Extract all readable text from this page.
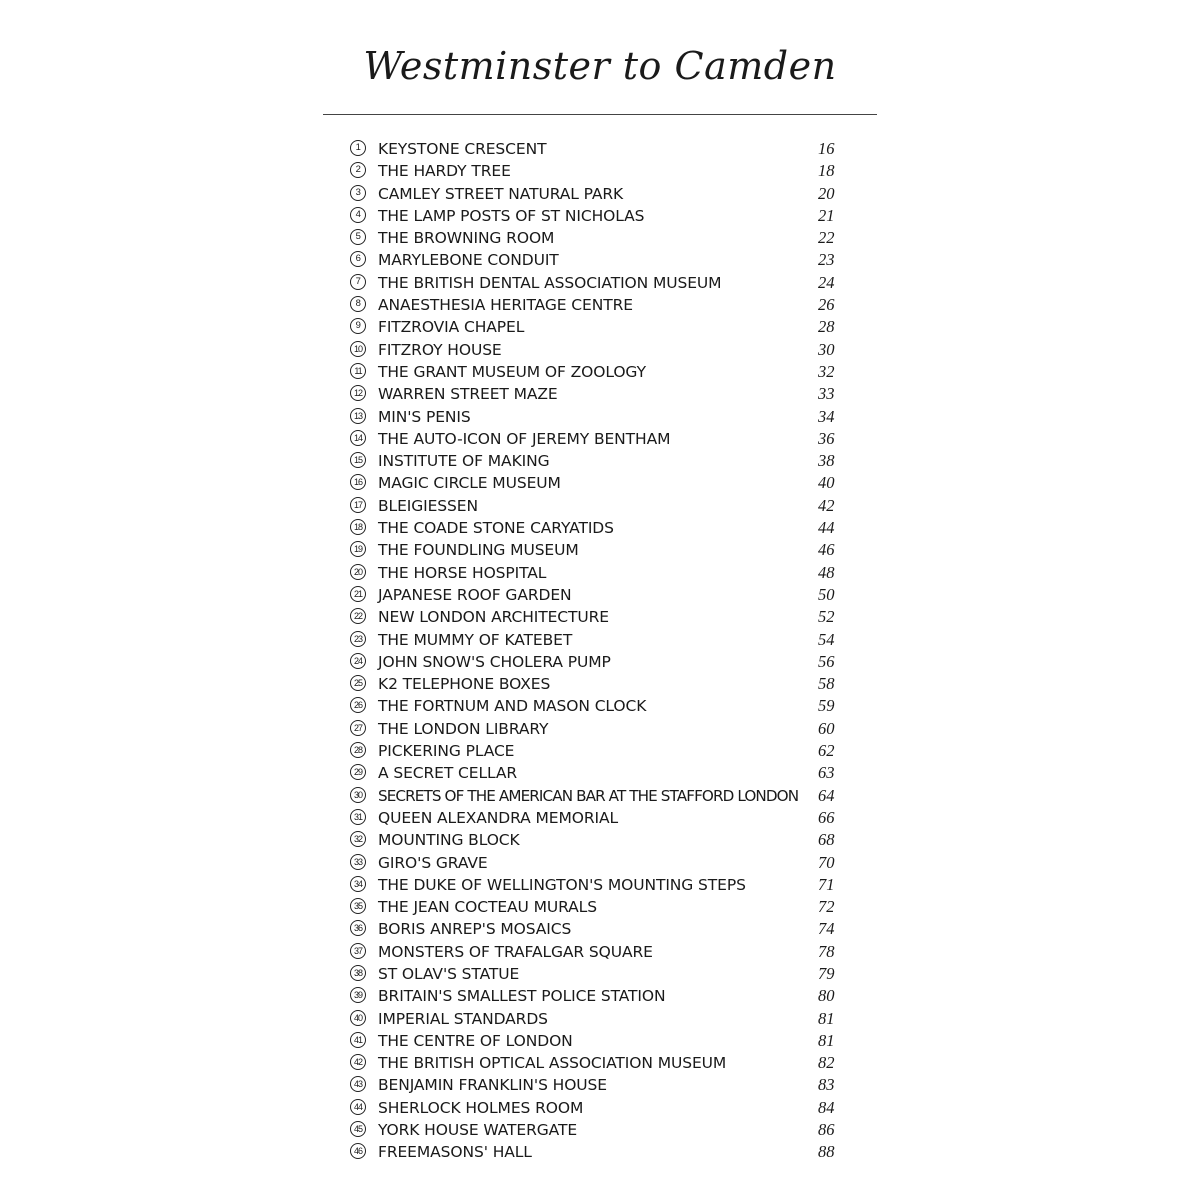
Westminster to Camden
1	KEYSTONE CRESCENT	16
2	THE HARDY TREE	18
3	CAMLEY STREET NATURAL PARK	20
4	THE LAMP POSTS OF ST NICHOLAS	21
5	THE BROWNING ROOM	22
6	MARYLEBONE CONDUIT	23
7	THE BRITISH DENTAL ASSOCIATION MUSEUM	24
8	ANAESTHESIA HERITAGE CENTRE	26
9	FITZROVIA CHAPEL	28
10 FITZROY HOUSE	30
11 THE GRANT MUSEUM OF ZOOLOGY	32
12 WARREN STREET MAZE	33
13 MIN'S PENIS	34
14 THE AUTO-ICON OF JEREMY BENTHAM	36
15 INSTITUTE OF MAKING	38
16 MAGIC CIRCLE MUSEUM	40
17 BLEIGIESSEN	42
18 THE COADE STONE CARYATIDS	44
19 THE FOUNDLING MUSEUM	46
20 THE HORSE HOSPITAL	48
21 JAPANESE ROOF GARDEN	50
22 NEW LONDON ARCHITECTURE	52
23 THE MUMMY OF KATEBET	54
24 JOHN SNOW'S CHOLERA PUMP	56
25 K2 TELEPHONE BOXES	58
26 THE FORTNUM AND MASON CLOCK	59
27 THE LONDON LIBRARY	60
28 PICKERING PLACE	62
29 A SECRET CELLAR	63
30 SECRETS OF THE AMERICAN BAR AT THE STAFFORD LONDON 64
31 QUEEN ALEXANDRA MEMORIAL	66
32 MOUNTING BLOCK	68
33 GIRO'S GRAVE	70
34 THE DUKE OF WELLINGTON'S MOUNTING STEPS	71
35 THE JEAN COCTEAU MURALS	72
36 BORIS ANREP'S MOSAICS	74
37 MONSTERS OF TRAFALGAR SQUARE	78
38 ST OLAV'S STATUE	79
39 BRITAIN'S SMALLEST POLICE STATION	80
40 IMPERIAL STANDARDS	81
41 THE CENTRE OF LONDON	81
42 THE BRITISH OPTICAL ASSOCIATION MUSEUM	82
43 BENJAMIN FRANKLIN'S HOUSE	83
44 SHERLOCK HOLMES ROOM	84
45 YORK HOUSE WATERGATE	86
46 FREEMASONS' HALL	88
